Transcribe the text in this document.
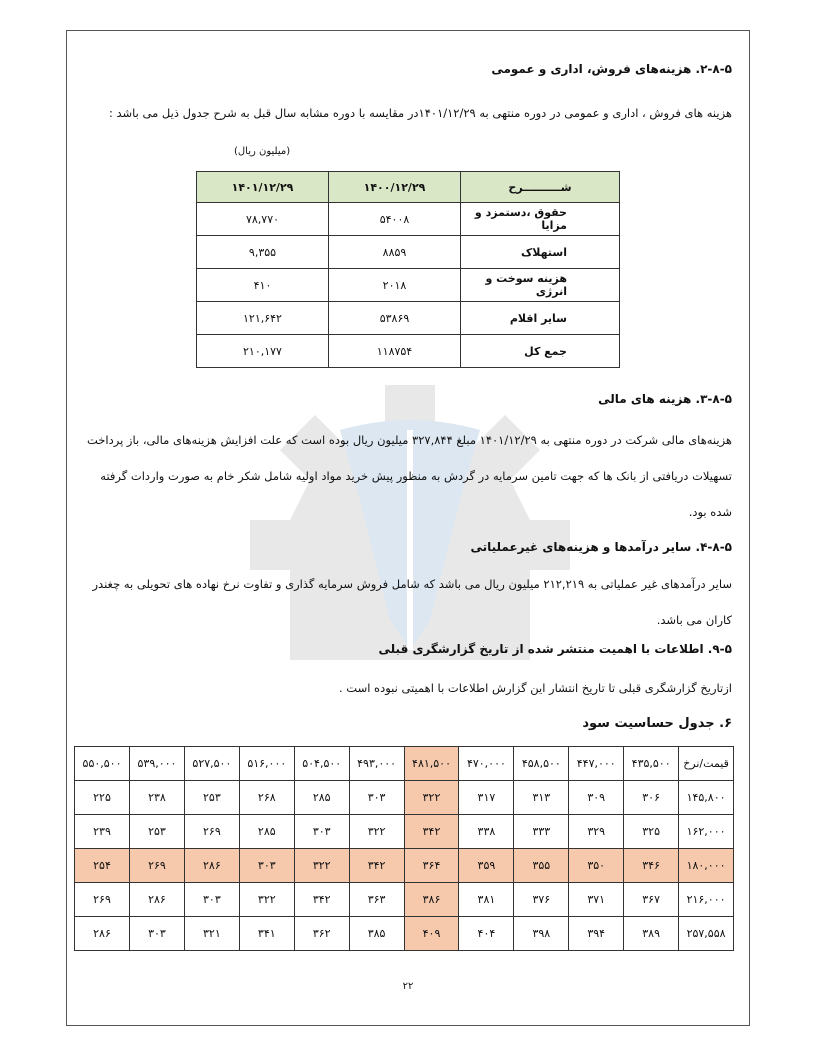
۲-۸-۵. هزینه‌های فروش، اداری و عمومی
هزینه های فروش ، اداری و عمومی در دوره منتهی به ۱۴۰۱/۱۲/۲۹در مقایسه با دوره مشابه سال قبل به شرح جدول ذیل می باشد :
(میلیون ریال)
۱۴۰۱/۱۲/۲۹	۱۴۰۰/۱۲/۲۹	شــــــــــرح
۷۸,۷۷۰	۵۴۰۰۸	حقوق ،دستمزد و مزایا
۹,۳۵۵	۸۸۵۹	استهلاک
۴۱۰	۲۰۱۸	هزینه سوخت و انرژی
۱۲۱,۶۴۲	۵۳۸۶۹	سایر اقلام
۲۱۰,۱۷۷	۱۱۸۷۵۴	جمع کل
۳-۸-۵. هزینه های مالی
هزینه‌های مالی شرکت در دوره منتهی به ۱۴۰۱/۱۲/۲۹ مبلغ ۳۲۷,۸۴۴ میلیون ریال بوده است که علت افزایش هزینه‌های مالی، باز پرداخت تسهیلات دریافتی از بانک ها که جهت تامین سرمایه در گردش به منظور پیش خرید مواد اولیه شامل شکر خام به صورت واردات گرفته شده بود.
۴-۸-۵. سایر درآمدها و هزینه‌های غیرعملیاتی
سایر درآمدهای غیر عملیاتی به ۲۱۲,۲۱۹ میلیون ریال می باشد که شامل فروش سرمایه گذاری و تفاوت نرخ نهاده های تحویلی به چغندر کاران می باشد.
۹-۵. اطلاعات با اهمیت منتشر شده از تاریخ گزارشگری قبلی
ازتاریخ گزارشگری قبلی تا تاریخ انتشار این گزارش اطلاعات با اهمیتی نبوده است .
۶. جدول حساسیت سود
قیمت/نرخ	۴۳۵,۵۰۰	۴۴۷,۰۰۰	۴۵۸,۵۰۰	۴۷۰,۰۰۰	۴۸۱,۵۰۰	۴۹۳,۰۰۰	۵۰۴,۵۰۰	۵۱۶,۰۰۰	۵۲۷,۵۰۰	۵۳۹,۰۰۰	۵۵۰,۵۰۰
۱۴۵,۸۰۰	۳۰۶	۳۰۹	۳۱۳	۳۱۷	۳۲۲	۳۰۳	۲۸۵	۲۶۸	۲۵۳	۲۳۸	۲۲۵
۱۶۲,۰۰۰	۳۲۵	۳۲۹	۳۳۳	۳۳۸	۳۴۲	۳۲۲	۳۰۳	۲۸۵	۲۶۹	۲۵۳	۲۳۹
۱۸۰,۰۰۰	۳۴۶	۳۵۰	۳۵۵	۳۵۹	۳۶۴	۳۴۲	۳۲۲	۳۰۳	۲۸۶	۲۶۹	۲۵۴
۲۱۶,۰۰۰	۳۶۷	۳۷۱	۳۷۶	۳۸۱	۳۸۶	۳۶۳	۳۴۲	۳۲۲	۳۰۳	۲۸۶	۲۶۹
۲۵۷,۵۵۸	۳۸۹	۳۹۴	۳۹۸	۴۰۴	۴۰۹	۳۸۵	۳۶۲	۳۴۱	۳۲۱	۳۰۳	۲۸۶
۲۲
